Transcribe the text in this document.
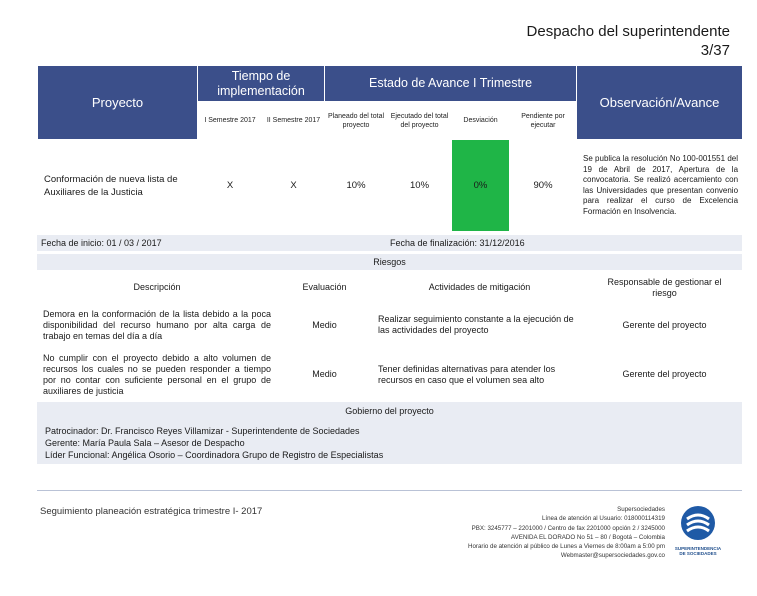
Despacho del superintendente
3/37
Proyecto	Tiempo de implementación		Estado de Avance I Trimestre				Observación/Avance
	I Semestre 2017	II Semestre 2017	Planeado del total proyecto	Ejecutado del total del proyecto	Desviación	Pendiente por ejecutar	
Conformación de nueva lista de Auxiliares de la Justicia	X	X	10%	10%	0%	90%	Se publica la resolución No 100-001551 del 19 de Abril de 2017, Apertura de la convocatoria. Se realizó acercamiento con las Universidades que presentan convenio para realizar el curso de Excelencia Formación en Insolvencia.
Fecha de inicio: 01 / 03 / 2017	Fecha de finalización: 31/12/2016
Riesgos
Descripción	Evaluación	Actividades de mitigación	Responsable de gestionar el riesgo
Demora en la conformación de la lista debido a la poca disponibilidad del recurso humano por alta carga de trabajo en temas del día a día	Medio	Realizar seguimiento constante a la ejecución de las actividades del proyecto	Gerente del proyecto
No cumplir con el proyecto debido a alto volumen de recursos los cuales no se pueden responder a tiempo por no contar con suficiente personal en el grupo de auxiliares de justicia	Medio	Tener definidas alternativas para atender los recursos en caso que el volumen sea alto	Gerente del proyecto
Gobierno del proyecto
Patrocinador: Dr. Francisco Reyes Villamizar - Superintendente de Sociedades
Gerente: María Paula Sala – Asesor de Despacho
Líder Funcional: Angélica Osorio – Coordinadora Grupo de Registro de Especialistas
Seguimiento planeación estratégica trimestre I- 2017	Supersociedades
Línea de atención al Usuario: 018000114319
PBX: 3245777 – 2201000 / Centro de fax 2201000 opción 2 / 3245000
AVENIDA EL DORADO No 51 – 80 / Bogotá – Colombia
Horario de atención al público de Lunes a Viernes de 8:00am a 5:00 pm
Webmaster@supersociedades.gov.co
SUPERINTENDENCIA DE SOCIEDADES
